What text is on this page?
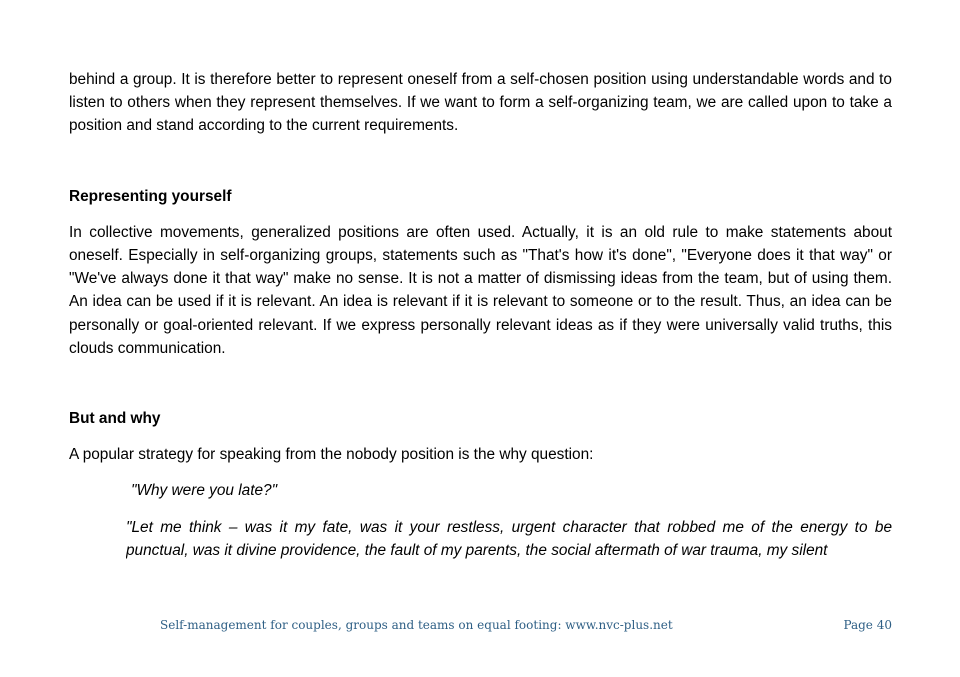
behind a group. It is therefore better to represent oneself from a self-chosen position using understandable words and to listen to others when they represent themselves. If we want to form a self-organizing team, we are called upon to take a position and stand according to the current requirements.

Representing yourself

In collective movements, generalized positions are often used. Actually, it is an old rule to make statements about oneself. Especially in self-organizing groups, statements such as "That's how it's done", "Everyone does it that way" or "We've always done it that way" make no sense. It is not a matter of dismissing ideas from the team, but of using them. An idea can be used if it is relevant. An idea is relevant if it is relevant to someone or to the result. Thus, an idea can be personally or goal-oriented relevant. If we express personally relevant ideas as if they were universally valid truths, this clouds communication.

But and why

A popular strategy for speaking from the nobody position is the why question:

"Why were you late?"

"Let me think – was it my fate, was it your restless, urgent character that robbed me of the energy to be punctual, was it divine providence, the fault of my parents, the social aftermath of war trauma, my silent

Self-management for couples, groups and teams on equal footing: www.nvc-plus.net	Page 40
